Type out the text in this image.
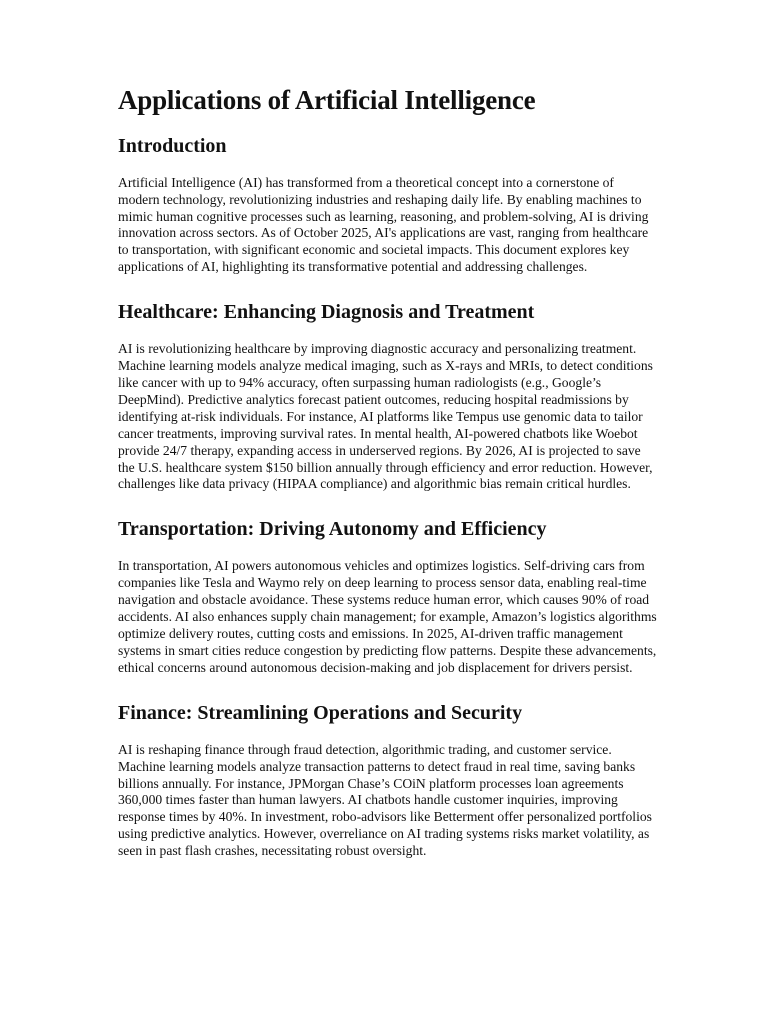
Applications of Artificial Intelligence
Introduction

Artificial Intelligence (AI) has transformed from a theoretical concept into a cornerstone of modern technology, revolutionizing industries and reshaping daily life. By enabling machines to mimic human cognitive processes such as learning, reasoning, and problem-solving, AI is driving innovation across sectors. As of October 2025, AI's applications are vast, ranging from healthcare to transportation, with significant economic and societal impacts. This document explores key applications of AI, highlighting its transformative potential and addressing challenges.

Healthcare: Enhancing Diagnosis and Treatment

AI is revolutionizing healthcare by improving diagnostic accuracy and personalizing treatment. Machine learning models analyze medical imaging, such as X-rays and MRIs, to detect conditions like cancer with up to 94% accuracy, often surpassing human radiologists (e.g., Google’s DeepMind). Predictive analytics forecast patient outcomes, reducing hospital readmissions by identifying at-risk individuals. For instance, AI platforms like Tempus use genomic data to tailor cancer treatments, improving survival rates. In mental health, AI-powered chatbots like Woebot provide 24/7 therapy, expanding access in underserved regions. By 2026, AI is projected to save the U.S. healthcare system $150 billion annually through efficiency and error reduction. However, challenges like data privacy (HIPAA compliance) and algorithmic bias remain critical hurdles.

Transportation: Driving Autonomy and Efficiency

In transportation, AI powers autonomous vehicles and optimizes logistics. Self-driving cars from companies like Tesla and Waymo rely on deep learning to process sensor data, enabling real-time navigation and obstacle avoidance. These systems reduce human error, which causes 90% of road accidents. AI also enhances supply chain management; for example, Amazon’s logistics algorithms optimize delivery routes, cutting costs and emissions. In 2025, AI-driven traffic management systems in smart cities reduce congestion by predicting flow patterns. Despite these advancements, ethical concerns around autonomous decision-making and job displacement for drivers persist.

Finance: Streamlining Operations and Security

AI is reshaping finance through fraud detection, algorithmic trading, and customer service. Machine learning models analyze transaction patterns to detect fraud in real time, saving banks billions annually. For instance, JPMorgan Chase’s COiN platform processes loan agreements 360,000 times faster than human lawyers. AI chatbots handle customer inquiries, improving response times by 40%. In investment, robo-advisors like Betterment offer personalized portfolios using predictive analytics. However, overreliance on AI trading systems risks market volatility, as seen in past flash crashes, necessitating robust oversight.
